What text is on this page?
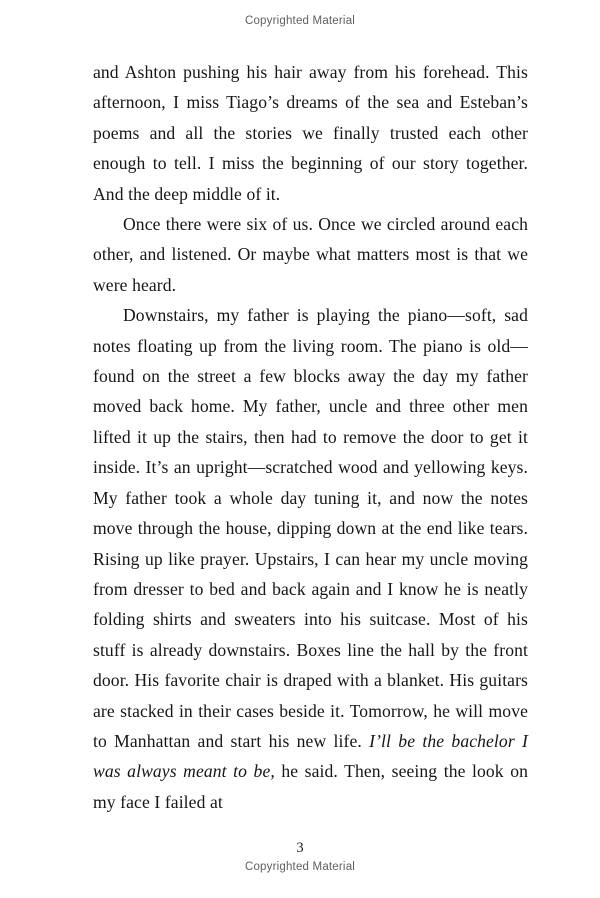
Copyrighted Material

and Ashton pushing his hair away from his forehead. This afternoon, I miss Tiago’s dreams of the sea and Esteban’s poems and all the stories we finally trusted each other enough to tell. I miss the beginning of our story together. And the deep middle of it.

Once there were six of us. Once we circled around each other, and listened. Or maybe what matters most is that we were heard.

Downstairs, my father is playing the piano—soft, sad notes floating up from the living room. The piano is old—found on the street a few blocks away the day my father moved back home. My father, uncle and three other men lifted it up the stairs, then had to remove the door to get it inside. It’s an upright—scratched wood and yellowing keys. My father took a whole day tuning it, and now the notes move through the house, dipping down at the end like tears. Rising up like prayer. Upstairs, I can hear my uncle moving from dresser to bed and back again and I know he is neatly folding shirts and sweaters into his suitcase. Most of his stuff is already downstairs. Boxes line the hall by the front door. His favorite chair is draped with a blanket. His guitars are stacked in their cases beside it. Tomorrow, he will move to Manhattan and start his new life. I’ll be the bachelor I was always meant to be, he said. Then, seeing the look on my face I failed at

3
Copyrighted Material
